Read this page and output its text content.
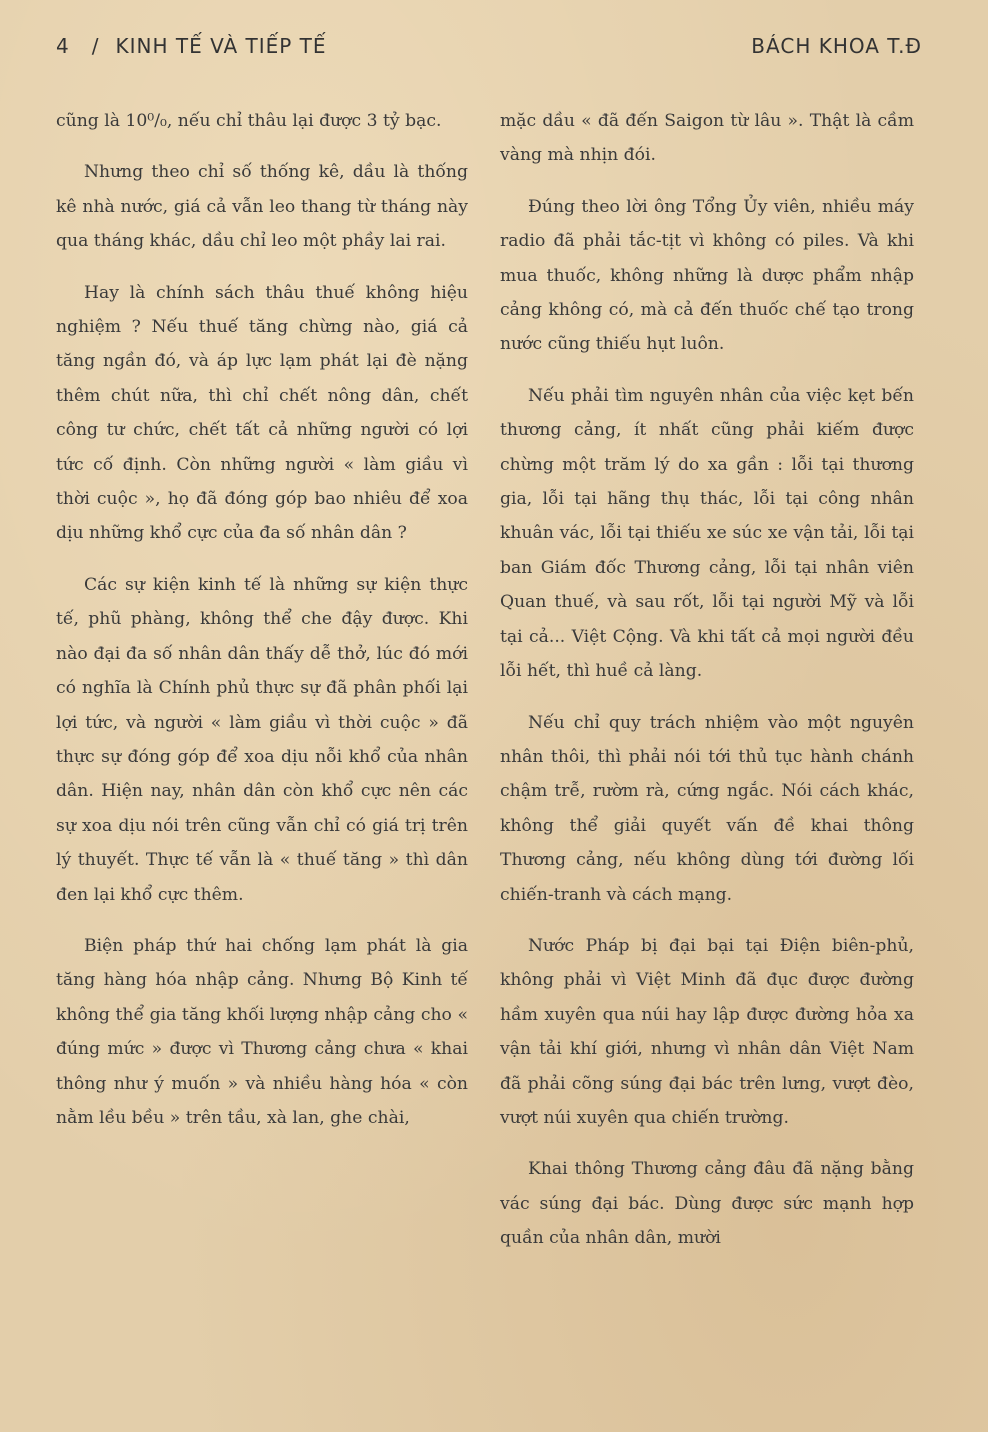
4 / KINH TẾ VÀ TIẾP TẾ	BÁCH KHOA T.Đ

cũng là 10⁰/₀, nếu chỉ thâu lại được 3 tỷ bạc.

Nhưng theo chỉ số thống kê, dầu là thống kê nhà nước, giá cả vẫn leo thang từ tháng này qua tháng khác, dầu chỉ leo một phầy lai rai.

Hay là chính sách thâu thuế không hiệu nghiệm ? Nếu thuế tăng chừng nào, giá cả tăng ngần đó, và áp lực lạm phát lại đè nặng thêm chút nữa, thì chỉ chết nông dân, chết công tư chức, chết tất cả những người có lợi tức cố định. Còn những người « làm giầu vì thời cuộc », họ đã đóng góp bao nhiêu để xoa dịu những khổ cực của đa số nhân dân ?

Các sự kiện kinh tế là những sự kiện thực tế, phũ phàng, không thể che đậy được. Khi nào đại đa số nhân dân thấy dễ thở, lúc đó mới có nghĩa là Chính phủ thực sự đã phân phối lại lợi tức, và người « làm giầu vì thời cuộc » đã thực sự đóng góp để xoa dịu nỗi khổ của nhân dân. Hiện nay, nhân dân còn khổ cực nên các sự xoa dịu nói trên cũng vẫn chỉ có giá trị trên lý thuyết. Thực tế vẫn là « thuế tăng » thì dân đen lại khổ cực thêm.

Biện pháp thứ hai chống lạm phát là gia tăng hàng hóa nhập cảng. Nhưng Bộ Kinh tế không thể gia tăng khối lượng nhập cảng cho « đúng mức » được vì Thương cảng chưa « khai thông như ý muốn » và nhiều hàng hóa « còn nằm lều bều » trên tầu, xà lan, ghe chài,

mặc dầu « đã đến Saigon từ lâu ». Thật là cầm vàng mà nhịn đói.

Đúng theo lời ông Tổng Ủy viên, nhiều máy radio đã phải tắc-tịt vì không có piles. Và khi mua thuốc, không những là dược phẩm nhập cảng không có, mà cả đến thuốc chế tạo trong nước cũng thiếu hụt luôn.

Nếu phải tìm nguyên nhân của việc kẹt bến thương cảng, ít nhất cũng phải kiếm được chừng một trăm lý do xa gần : lỗi tại thương gia, lỗi tại hãng thụ thác, lỗi tại công nhân khuân vác, lỗi tại thiếu xe súc xe vận tải, lỗi tại ban Giám đốc Thương cảng, lỗi tại nhân viên Quan thuế, và sau rốt, lỗi tại người Mỹ và lỗi tại cả... Việt Cộng. Và khi tất cả mọi người đều lỗi hết, thì huề cả làng.

Nếu chỉ quy trách nhiệm vào một nguyên nhân thôi, thì phải nói tới thủ tục hành chánh chậm trễ, rườm rà, cứng ngắc. Nói cách khác, không thể giải quyết vấn đề khai thông Thương cảng, nếu không dùng tới đường lối chiến-tranh và cách mạng.

Nước Pháp bị đại bại tại Điện biên-phủ, không phải vì Việt Minh đã đục được đường hầm xuyên qua núi hay lập được đường hỏa xa vận tải khí giới, nhưng vì nhân dân Việt Nam đã phải cõng súng đại bác trên lưng, vượt đèo, vượt núi xuyên qua chiến trường.

Khai thông Thương cảng đâu đã nặng bằng vác súng đại bác. Dùng được sức mạnh hợp quần của nhân dân, mười
